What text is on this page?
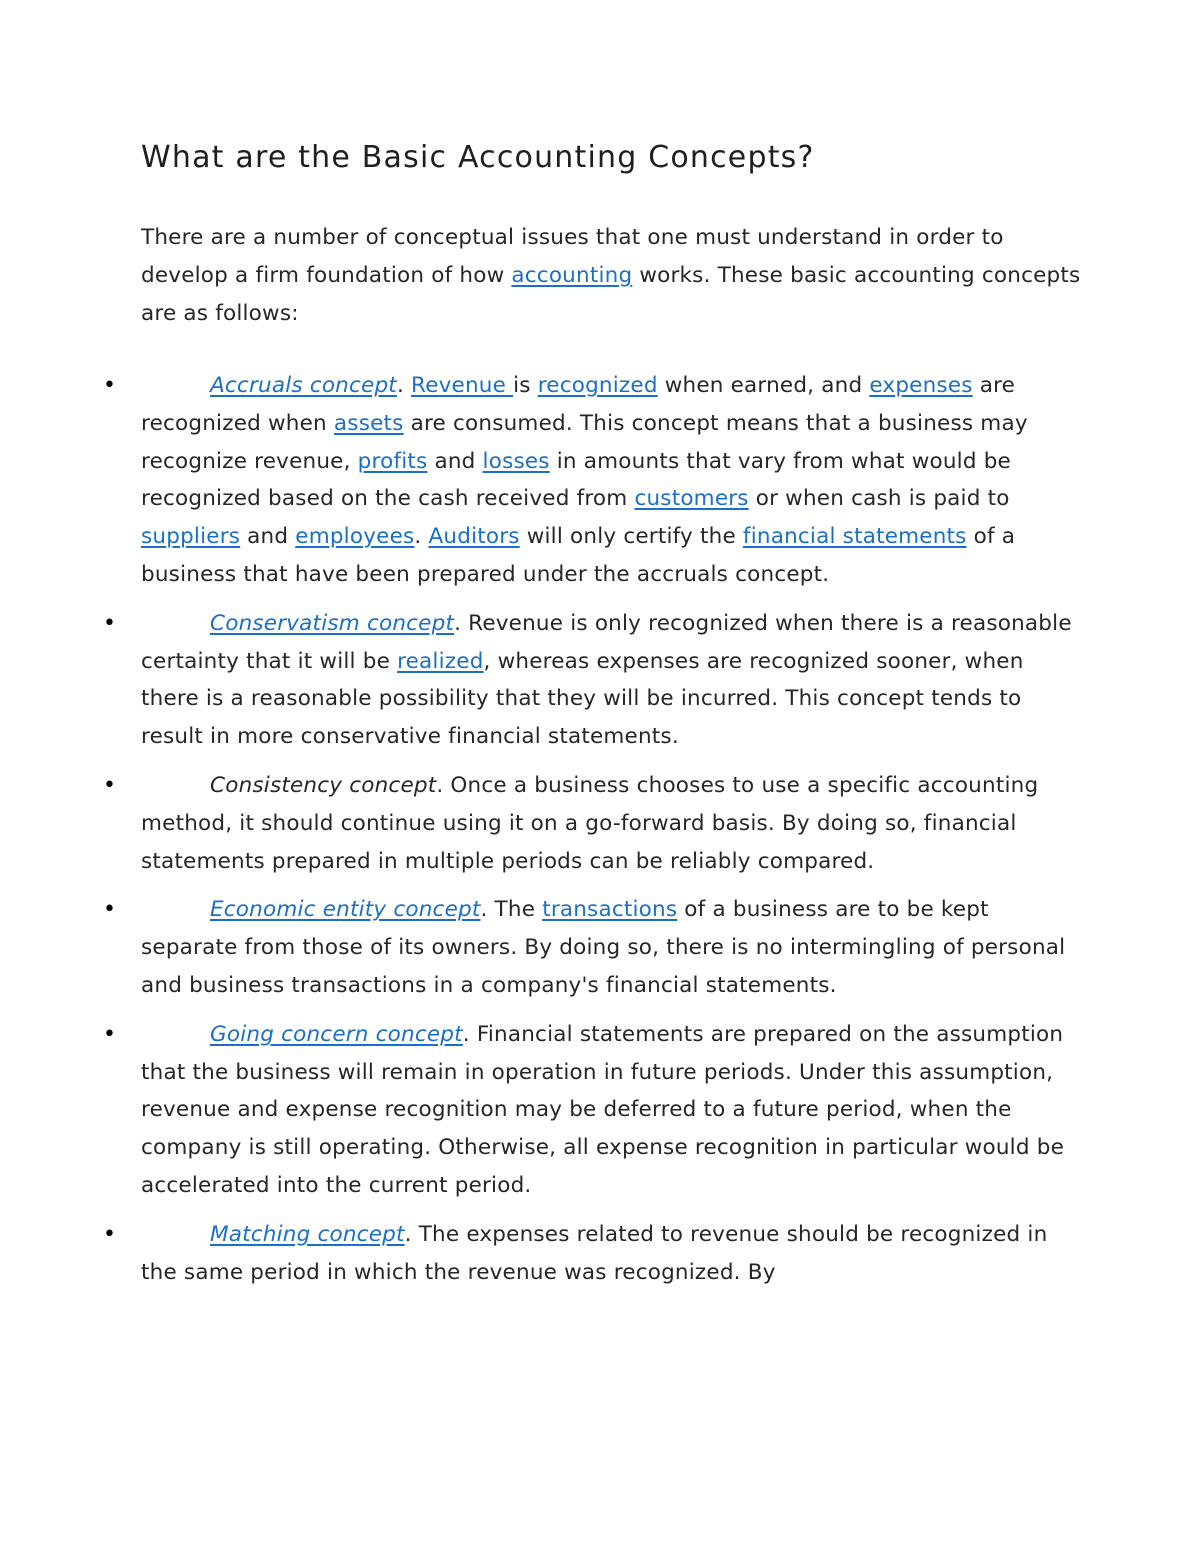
What are the Basic Accounting Concepts?

There are a number of conceptual issues that one must understand in order to develop a firm foundation of how accounting works. These basic accounting concepts are as follows:

•	Accruals concept. Revenue is recognized when earned, and expenses are recognized when assets are consumed. This concept means that a business may recognize revenue, profits and losses in amounts that vary from what would be recognized based on the cash received from customers or when cash is paid to suppliers and employees. Auditors will only certify the financial statements of a business that have been prepared under the accruals concept.
•	Conservatism concept. Revenue is only recognized when there is a reasonable certainty that it will be realized, whereas expenses are recognized sooner, when there is a reasonable possibility that they will be incurred. This concept tends to result in more conservative financial statements.
•	Consistency concept. Once a business chooses to use a specific accounting method, it should continue using it on a go-forward basis. By doing so, financial statements prepared in multiple periods can be reliably compared.
•	Economic entity concept. The transactions of a business are to be kept separate from those of its owners. By doing so, there is no intermingling of personal and business transactions in a company's financial statements.
•	Going concern concept. Financial statements are prepared on the assumption that the business will remain in operation in future periods. Under this assumption, revenue and expense recognition may be deferred to a future period, when the company is still operating. Otherwise, all expense recognition in particular would be accelerated into the current period.
•	Matching concept. The expenses related to revenue should be recognized in the same period in which the revenue was recognized. By
